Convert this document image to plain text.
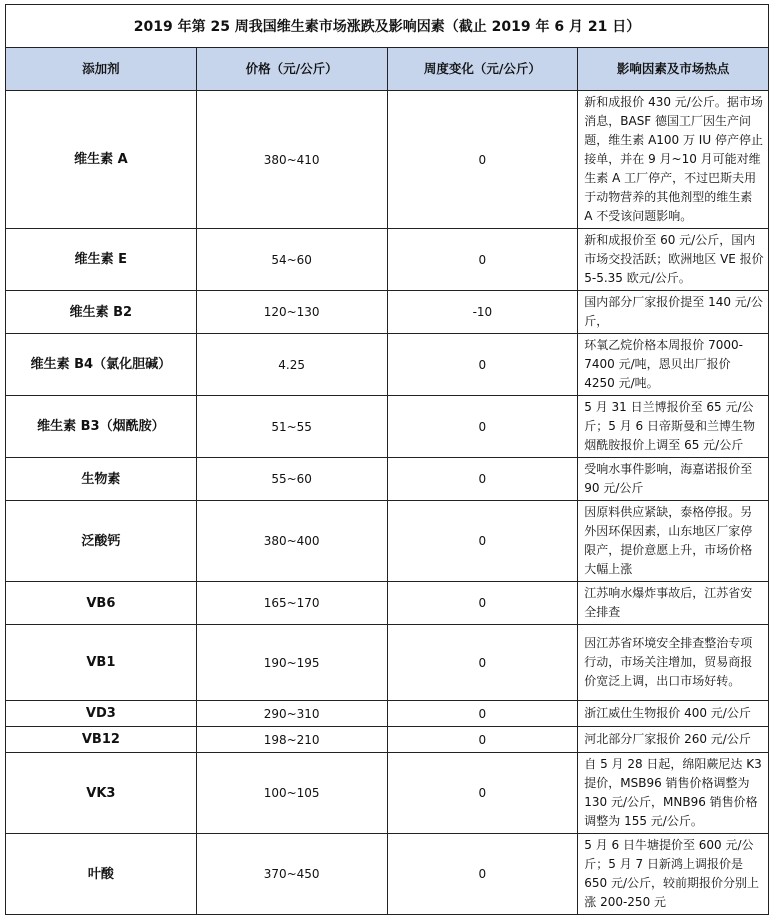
2019 年第 25 周我国维生素市场涨跌及影响因素（截止 2019 年 6 月 21 日）			
添加剂	价格（元/公斤）	周度变化（元/公斤）	影响因素及市场热点
维生素 A	380~410	0	新和成报价 430 元/公斤。据市场消息，BASF 德国工厂因生产问题，维生素 A100 万 IU 停产停止接单，并在 9 月~10 月可能对维生素 A 工厂停产，不过巴斯夫用于动物营养的其他剂型的维生素 A 不受该问题影响。
维生素 E	54~60	0	新和成报价至 60 元/公斤，国内市场交投活跃；欧洲地区 VE 报价 5-5.35 欧元/公斤。
维生素 B2	120~130	-10	国内部分厂家报价提至 140 元/公斤，
维生素 B4（氯化胆碱）	4.25	0	环氧乙烷价格本周报价 7000-7400 元/吨，恩贝出厂报价 4250 元/吨。
维生素 B3（烟酰胺）	51~55	0	5 月 31 日兰博报价至 65 元/公斤；5 月 6 日帝斯曼和兰博生物烟酰胺报价上调至 65 元/公斤
生物素	55~60	0	受响水事件影响，海嘉诺报价至 90 元/公斤
泛酸钙	380~400	0	因原料供应紧缺，泰格停报。另外因环保因素，山东地区厂家停限产，提价意愿上升，市场价格大幅上涨
VB6	165~170	0	江苏响水爆炸事故后，江苏省安全排查
VB1	190~195	0	因江苏省环境安全排查整治专项行动，市场关注增加，贸易商报价宽泛上调，出口市场好转。
VD3	290~310	0	浙江威仕生物报价 400 元/公斤
VB12	198~210	0	河北部分厂家报价 260 元/公斤
VK3	100~105	0	自 5 月 28 日起，绵阳蕨尼达 K3 提价，MSB96 销售价格调整为 130 元/公斤，MNB96 销售价格调整为 155 元/公斤。
叶酸	370~450	0	5 月 6 日牛塘提价至 600 元/公斤；5 月 7 日新鸿上调报价是 650 元/公斤，较前期报价分别上涨 200-250 元
